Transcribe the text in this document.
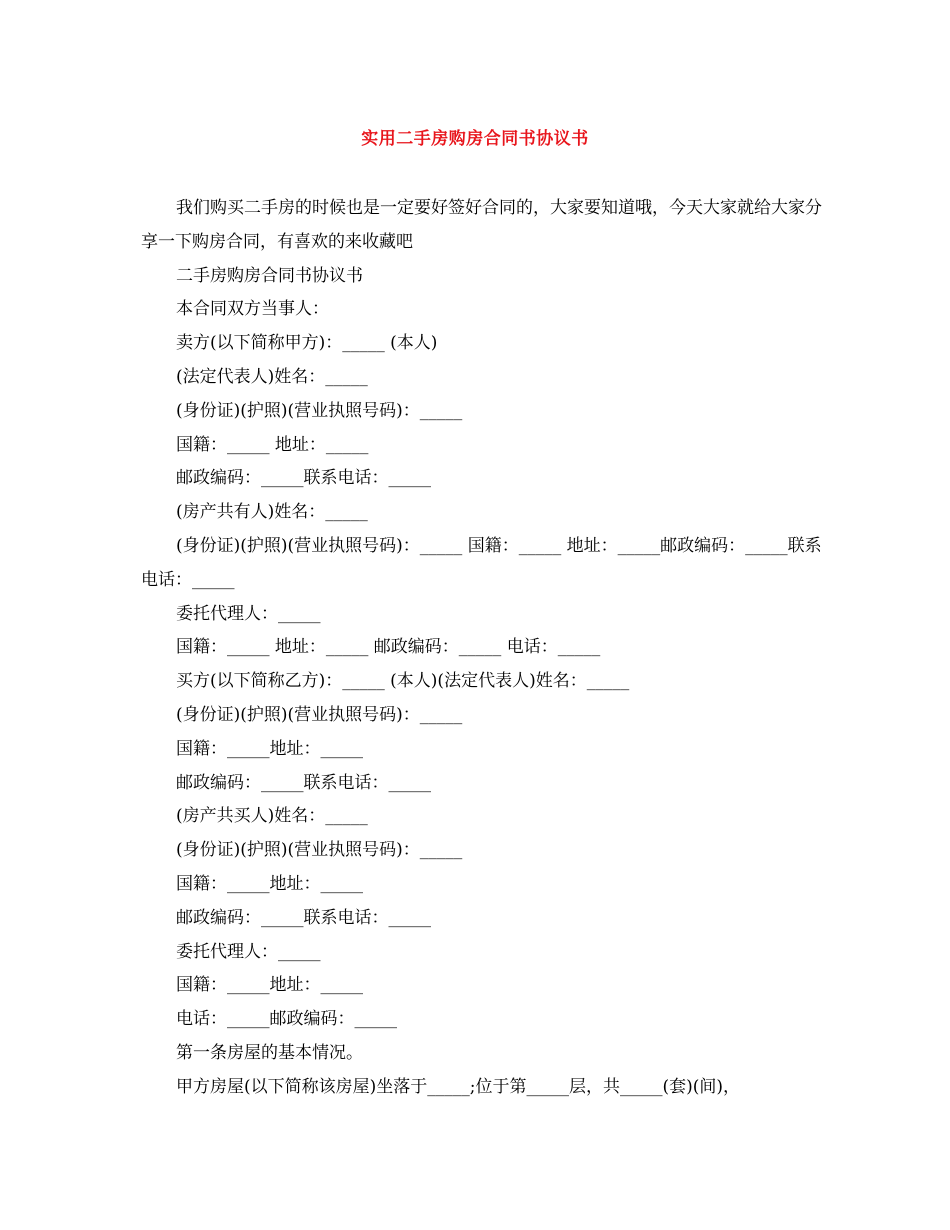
实用二手房购房合同书协议书

我们购买二手房的时候也是一定要好签好合同的，大家要知道哦，今天大家就给大家分享一下购房合同，有喜欢的来收藏吧

二手房购房合同书协议书

本合同双方当事人：

卖方(以下简称甲方)：_____ (本人)

(法定代表人)姓名：_____

(身份证)(护照)(营业执照号码)：_____

国籍：_____ 地址：_____

邮政编码：_____联系电话：_____

(房产共有人)姓名：_____

(身份证)(护照)(营业执照号码)：_____ 国籍：_____ 地址：_____邮政编码：_____联系电话：_____

委托代理人：_____

国籍：_____ 地址：_____ 邮政编码：_____ 电话：_____

买方(以下简称乙方)：_____ (本人)(法定代表人)姓名：_____

(身份证)(护照)(营业执照号码)：_____

国籍：_____地址：_____

邮政编码：_____联系电话：_____

(房产共买人)姓名：_____

(身份证)(护照)(营业执照号码)：_____

国籍：_____地址：_____

邮政编码：_____联系电话：_____

委托代理人：_____

国籍：_____地址：_____

电话：_____邮政编码：_____

第一条房屋的基本情况。

甲方房屋(以下简称该房屋)坐落于_____;位于第_____层，共_____(套)(间)，
